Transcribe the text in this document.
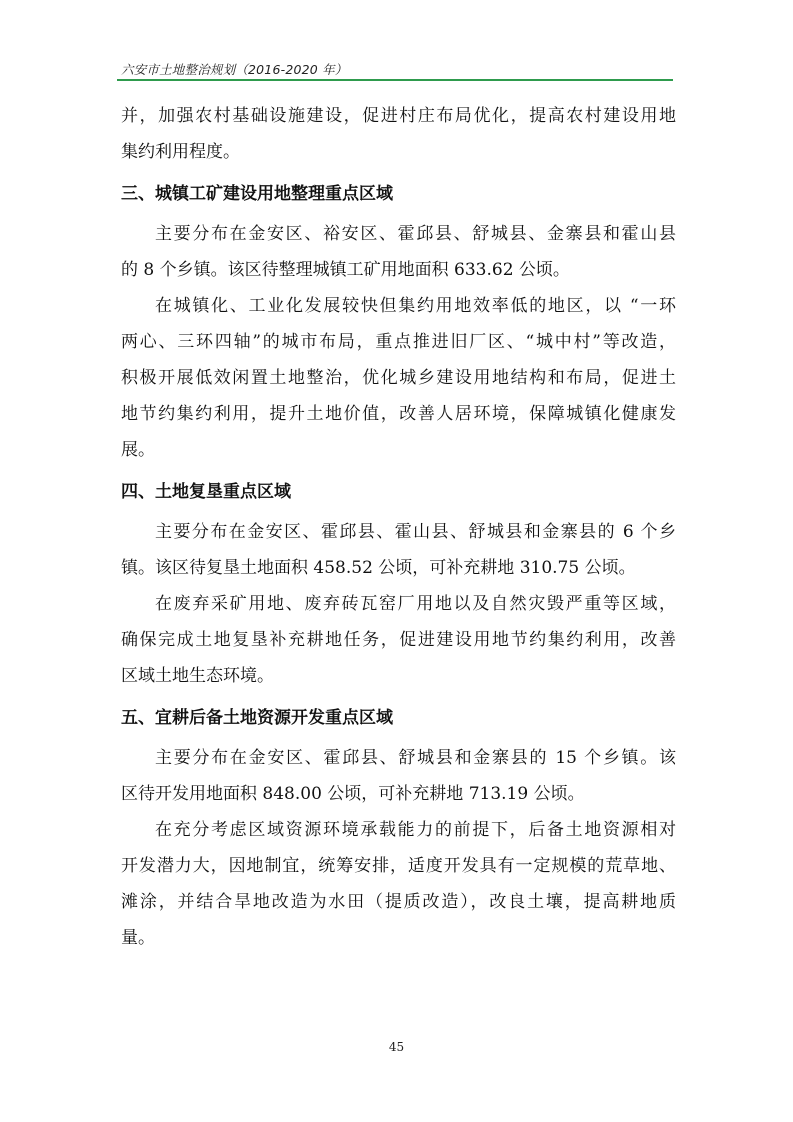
六安市土地整治规划（2016-2020 年）
并，加强农村基础设施建设，促进村庄布局优化，提高农村建设用地
集约利用程度。
三、城镇工矿建设用地整理重点区域
主要分布在金安区、裕安区、霍邱县、舒城县、金寨县和霍山县
的 8 个乡镇。该区待整理城镇工矿用地面积 633.62 公顷。
在城镇化、工业化发展较快但集约用地效率低的地区，以 “一环
两心、三环四轴”的城市布局，重点推进旧厂区、“城中村”等改造，
积极开展低效闲置土地整治，优化城乡建设用地结构和布局，促进土
地节约集约利用，提升土地价值，改善人居环境，保障城镇化健康发
展。
四、土地复垦重点区域
主要分布在金安区、霍邱县、霍山县、舒城县和金寨县的 6 个乡
镇。该区待复垦土地面积 458.52 公顷，可补充耕地 310.75 公顷。
在废弃采矿用地、废弃砖瓦窑厂用地以及自然灾毁严重等区域，
确保完成土地复垦补充耕地任务，促进建设用地节约集约利用，改善
区域土地生态环境。
五、宜耕后备土地资源开发重点区域
主要分布在金安区、霍邱县、舒城县和金寨县的 15 个乡镇。该
区待开发用地面积 848.00 公顷，可补充耕地 713.19 公顷。
在充分考虑区域资源环境承载能力的前提下，后备土地资源相对
开发潜力大，因地制宜，统筹安排，适度开发具有一定规模的荒草地、
滩涂，并结合旱地改造为水田（提质改造），改良土壤，提高耕地质
量。
45
